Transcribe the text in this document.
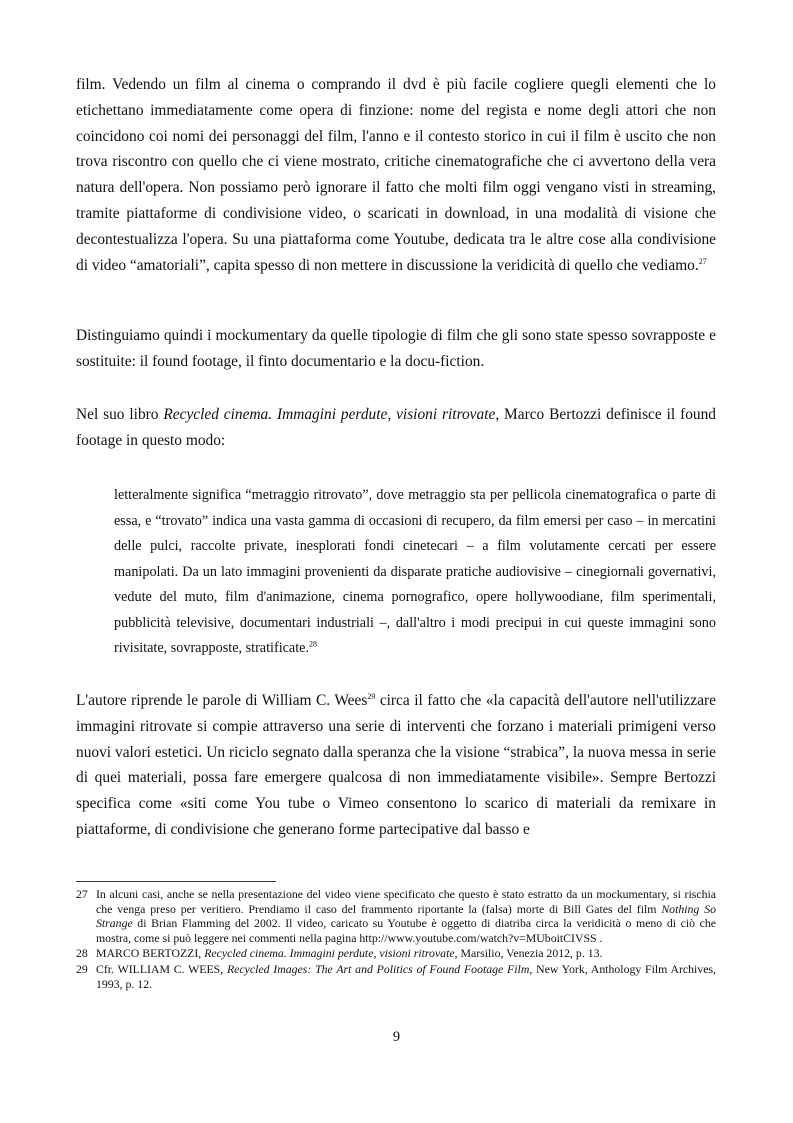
film. Vedendo un film al cinema o comprando il dvd è più facile cogliere quegli elementi che lo etichettano immediatamente come opera di finzione: nome del regista e nome degli attori che non coincidono coi nomi dei personaggi del film, l'anno e il contesto storico in cui il film è uscito che non trova riscontro con quello che ci viene mostrato, critiche cinematografiche che ci avvertono della vera natura dell'opera. Non possiamo però ignorare il fatto che molti film oggi vengano visti in streaming, tramite piattaforme di condivisione video, o scaricati in download, in una modalità di visione che decontestualizza l'opera. Su una piattaforma come Youtube, dedicata tra le altre cose alla condivisione di video “amatoriali”, capita spesso di non mettere in discussione la veridicità di quello che vediamo.$^{27}$

Distinguiamo quindi i mockumentary da quelle tipologie di film che gli sono state spesso sovrapposte e sostituite: il found footage, il finto documentario e la docu-fiction.

Nel suo libro Recycled cinema. Immagini perdute, visioni ritrovate, Marco Bertozzi definisce il found footage in questo modo:

letteralmente significa “metraggio ritrovato”, dove metraggio sta per pellicola cinematografica o parte di essa, e “trovato” indica una vasta gamma di occasioni di recupero, da film emersi per caso – in mercatini delle pulci, raccolte private, inesplorati fondi cinetecari – a film volutamente cercati per essere manipolati. Da un lato immagini provenienti da disparate pratiche audiovisive – cinegiornali governativi, vedute del muto, film d'animazione, cinema pornografico, opere hollywoodiane, film sperimentali, pubblicità televisive, documentari industriali –, dall'altro i modi precipui in cui queste immagini sono rivisitate, sovrapposte, stratificate.$^{28}$

L'autore riprende le parole di William C. Wees$^{29}$ circa il fatto che «la capacità dell'autore nell'utilizzare immagini ritrovate si compie attraverso una serie di interventi che forzano i materiali primigeni verso nuovi valori estetici. Un riciclo segnato dalla speranza che la visione “strabica”, la nuova messa in serie di quei materiali, possa fare emergere qualcosa di non immediatamente visibile». Sempre Bertozzi specifica come «siti come You tube o Vimeo consentono lo scarico di materiali da remixare in piattaforme, di condivisione che generano forme partecipative dal basso e

27 In alcuni casi, anche se nella presentazione del video viene specificato che questo è stato estratto da un mockumentary, si rischia che venga preso per veritiero. Prendiamo il caso del frammento riportante la (falsa) morte di Bill Gates del film Nothing So Strange di Brian Flamming del 2002. Il video, caricato su Youtube è oggetto di diatriba circa la veridicità o meno di ciò che mostra, come si può leggere nei commenti nella pagina http://www.youtube.com/watch?v=MUboitCIVSS .

28 MARCO BERTOZZI, Recycled cinema. Immagini perdute, visioni ritrovate, Marsilio, Venezia 2012, p. 13.

29 Cfr. WILLIAM C. WEES, Recycled Images: The Art and Politics of Found Footage Film, New York, Anthology Film Archives, 1993, p. 12.

9
